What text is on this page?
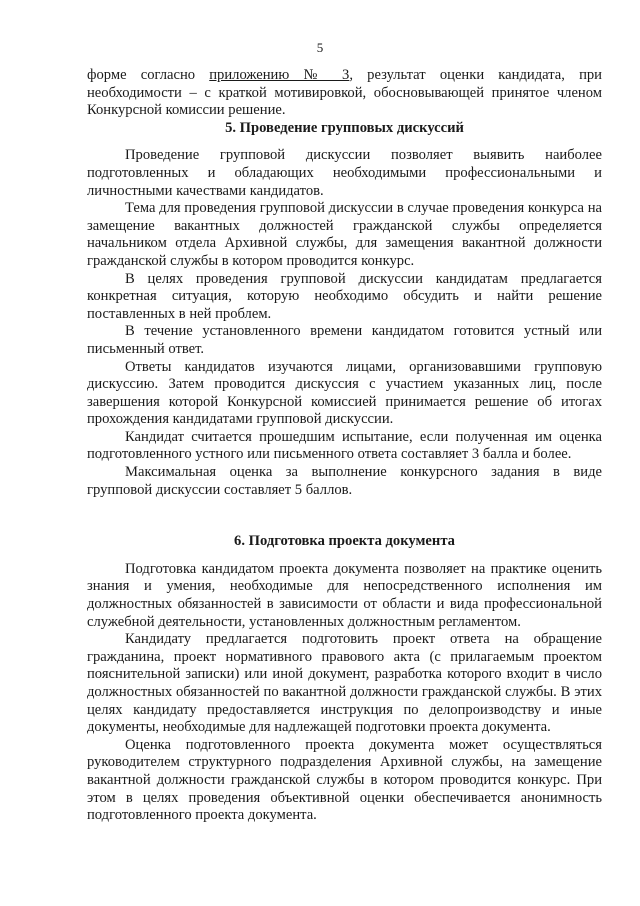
5

форме согласно приложению № 3, результат оценки кандидата, при необходимости – с краткой мотивировкой, обосновывающей принятое членом Конкурсной комиссии решение.

5. Проведение групповых дискуссий

Проведение групповой дискуссии позволяет выявить наиболее подготовленных и обладающих необходимыми профессиональными и личностными качествами кандидатов.

Тема для проведения групповой дискуссии в случае проведения конкурса на замещение вакантных должностей гражданской службы определяется начальником отдела Архивной службы, для замещения вакантной должности гражданской службы в котором проводится конкурс.

В целях проведения групповой дискуссии кандидатам предлагается конкретная ситуация, которую необходимо обсудить и найти решение поставленных в ней проблем.

В течение установленного времени кандидатом готовится устный или письменный ответ.

Ответы кандидатов изучаются лицами, организовавшими групповую дискуссию. Затем проводится дискуссия с участием указанных лиц, после завершения которой Конкурсной комиссией принимается решение об итогах прохождения кандидатами групповой дискуссии.

Кандидат считается прошедшим испытание, если полученная им оценка подготовленного устного или письменного ответа составляет 3 балла и более.

Максимальная оценка за выполнение конкурсного задания в виде групповой дискуссии составляет 5 баллов.

6. Подготовка проекта документа

Подготовка кандидатом проекта документа позволяет на практике оценить знания и умения, необходимые для непосредственного исполнения им должностных обязанностей в зависимости от области и вида профессиональной служебной деятельности, установленных должностным регламентом.

Кандидату предлагается подготовить проект ответа на обращение гражданина, проект нормативного правового акта (с прилагаемым проектом пояснительной записки) или иной документ, разработка которого входит в число должностных обязанностей по вакантной должности гражданской службы. В этих целях кандидату предоставляется инструкция по делопроизводству и иные документы, необходимые для надлежащей подготовки проекта документа.

Оценка подготовленного проекта документа может осуществляться руководителем структурного подразделения Архивной службы, на замещение вакантной должности гражданской службы в котором проводится конкурс. При этом в целях проведения объективной оценки обеспечивается анонимность подготовленного проекта документа.
